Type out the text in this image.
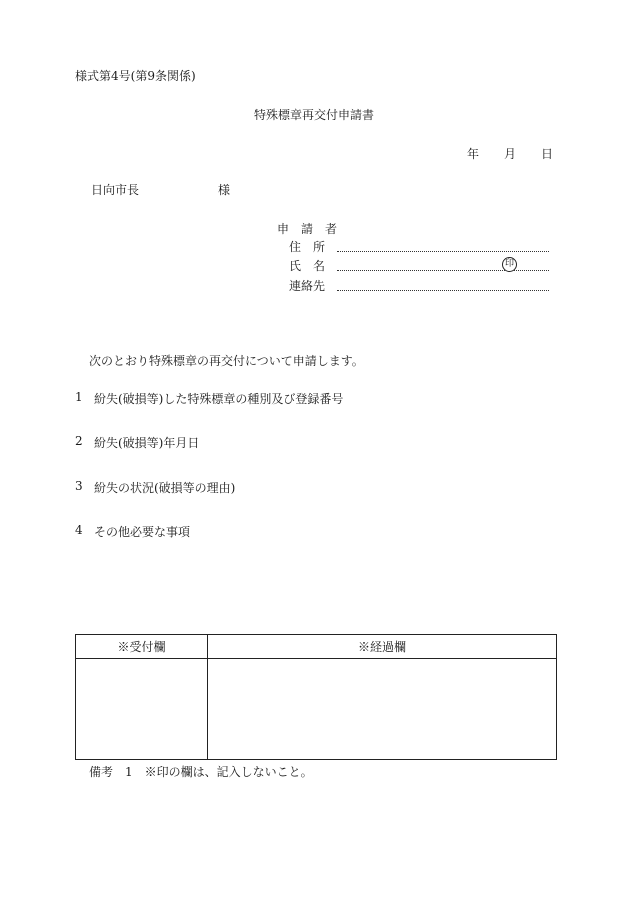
様式第4号(第9条関係)
特殊標章再交付申請書
年 月 日
日向市長	様
申　請　者
住　所
氏　名	印
連絡先
次のとおり特殊標章の再交付について申請します。
1 紛失(破損等)した特殊標章の種別及び登録番号
2 紛失(破損等)年月日
3 紛失の状況(破損等の理由)
4 その他必要な事項
※受付欄	※経過欄

備考　1　※印の欄は、記入しないこと。
